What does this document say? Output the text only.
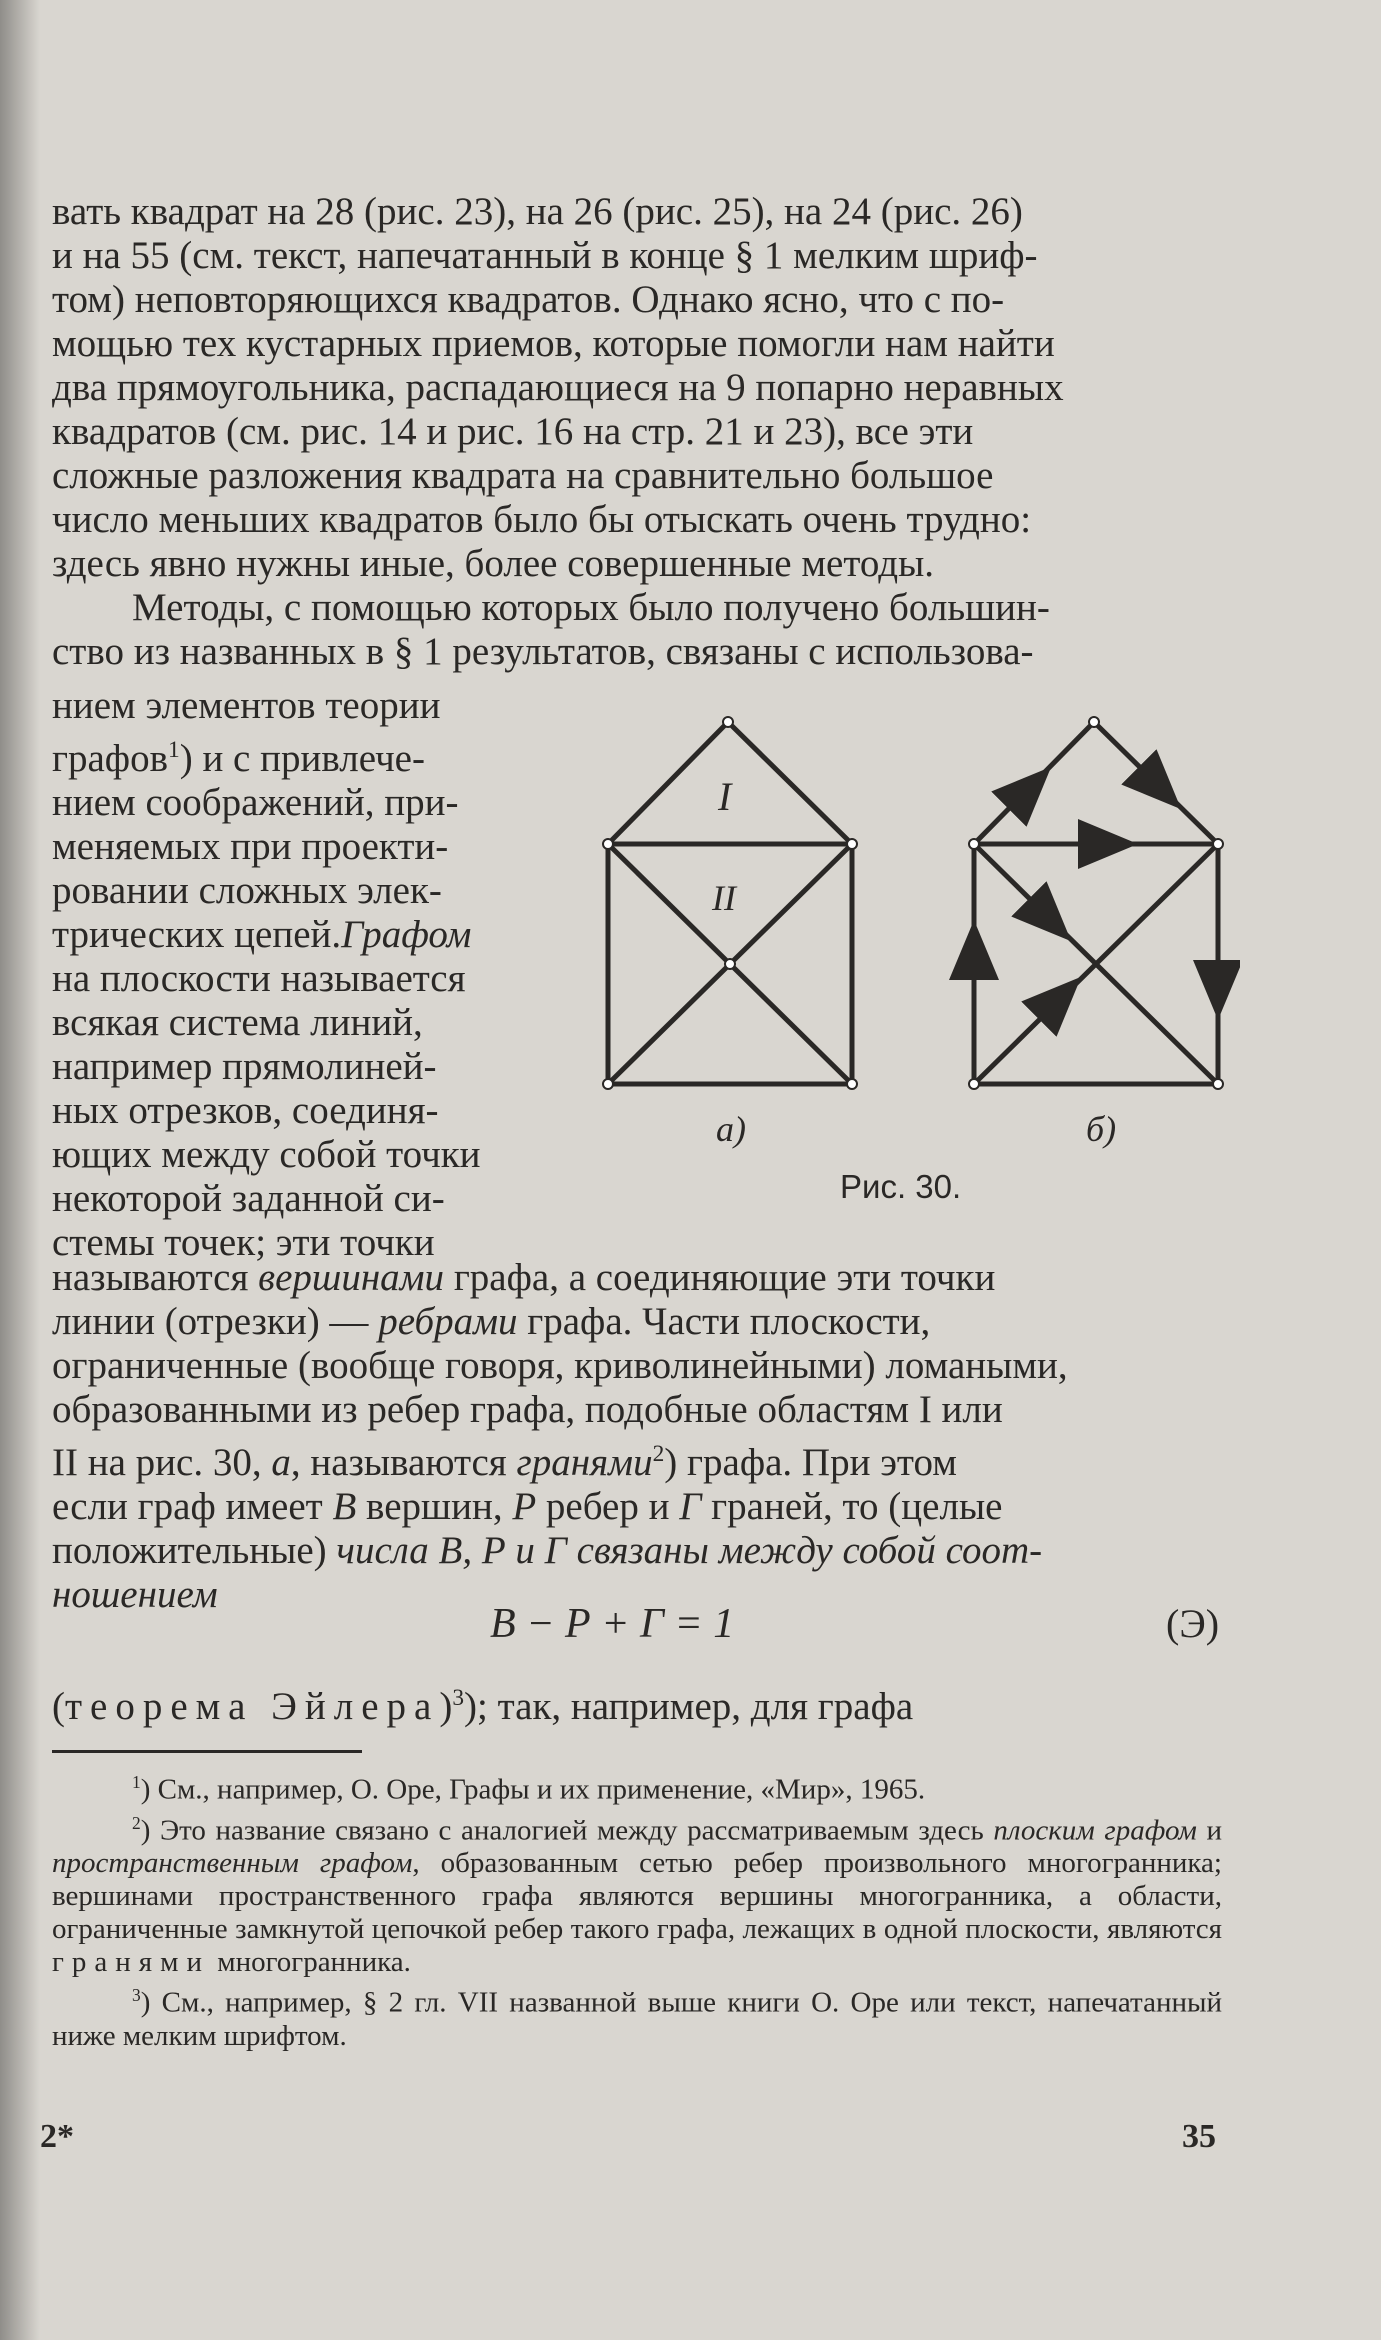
вать квадрат на 28 (рис. 23), на 26 (рис. 25), на 24 (рис. 26)

и на 55 (см. текст, напечатанный в конце § 1 мелким шриф-

том) неповторяющихся квадратов. Однако ясно, что с по-

мощью тех кустарных приемов, которые помогли нам найти

два прямоугольника, распадающиеся на 9 попарно неравных

квадратов (см. рис. 14 и рис. 16 на стр. 21 и 23), все эти

сложные разложения квадрата на сравнительно большое

число меньших квадратов было бы отыскать очень трудно:

здесь явно нужны иные, более совершенные методы.

Методы, с помощью которых было получено большин-

ство из названных в § 1 результатов, связаны с использова-

нием элементов теории

графов$^1$) и с привлече-

нием соображений, при-

меняемых при проекти-

ровании сложных элек-

трических цепей.Графом

на плоскости называется

всякая система линий,

например прямолиней-

ных отрезков, соединя-

ющих между собой точки

некоторой заданной си-

стемы точек; эти точки

I
II
а)	б)
Рис. 30.

называются вершинами графа, а соединяющие эти точки

линии (отрезки) — ребрами графа. Части плоскости,

ограниченные (вообще говоря, криволинейными) ломаными,

образованными из ребер графа, подобные областям I или

II на рис. 30, а, называются гранями$^2$) графа. При этом

если граф имеет В вершин, Р ребер и Г граней, то (целые

положительные) числа В, Р и Г связаны между собой соот-

ношением

В − Р + Г = 1	(Э)

(теорема Эйлера)$^3$); так, например, для графа

$^1$) См., например, О. Оре, Графы и их применение, «Мир», 1965.

$^2$) Это название связано с аналогией между рассматриваемым здесь плоским графом и пространственным графом, образованным сетью ребер произвольного многогранника; вершинами пространственного графа являются вершины многогранника, а области, ограниченные замкнутой цепочкой ребер такого графа, лежащих в одной плоскости, являются гранями многогранника.

$^3$) См., например, § 2 гл. VII названной выше книги О. Оре или текст, напечатанный ниже мелким шрифтом.

2*	35
